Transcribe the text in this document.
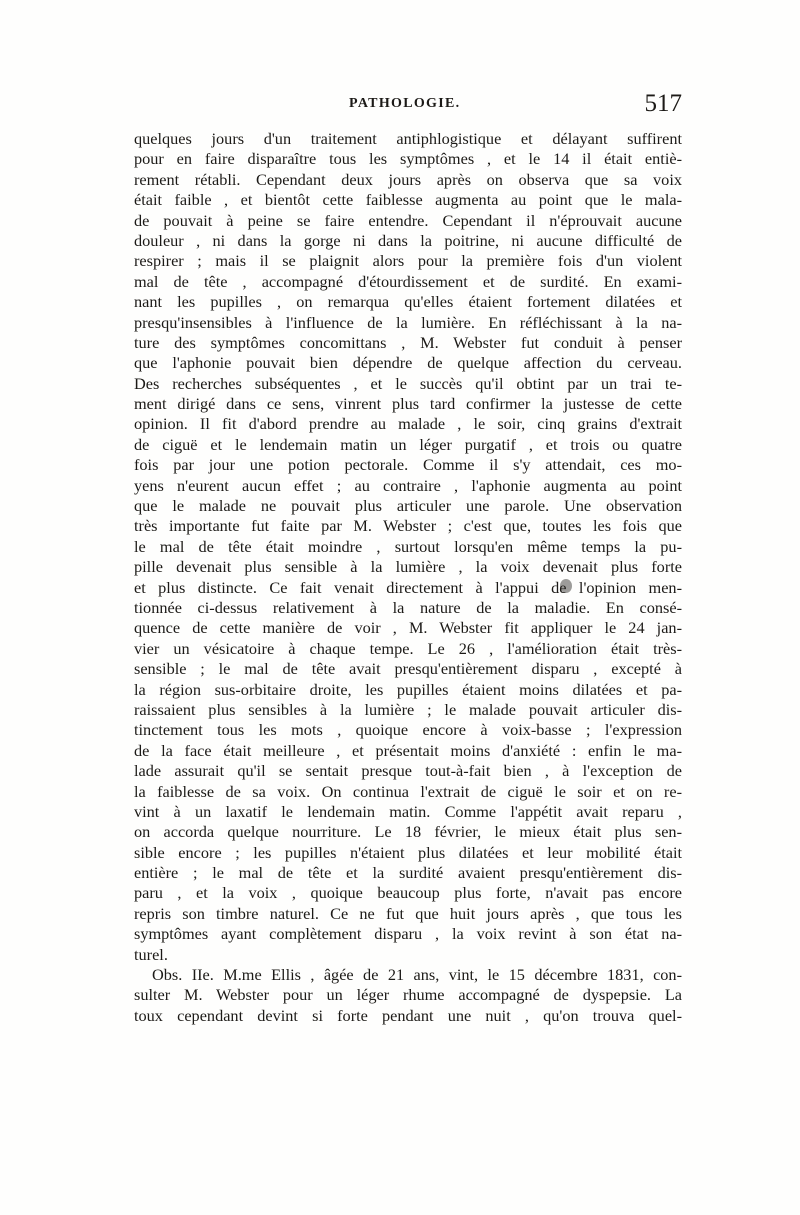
PATHOLOGIE.	517
quelques jours d'un traitement antiphlogistique et délayant suffirent
pour en faire disparaître tous les symptômes , et le 14 il était entiè-
rement rétabli. Cependant deux jours après on observa que sa voix
était faible , et bientôt cette faiblesse augmenta au point que le mala-
de pouvait à peine se faire entendre. Cependant il n'éprouvait aucune
douleur , ni dans la gorge ni dans la poitrine, ni aucune difficulté de
respirer ; mais il se plaignit alors pour la première fois d'un violent
mal de tête , accompagné d'étourdissement et de surdité. En exami-
nant les pupilles , on remarqua qu'elles étaient fortement dilatées et
presqu'insensibles à l'influence de la lumière. En réfléchissant à la na-
ture des symptômes concomittans , M. Webster fut conduit à penser
que l'aphonie pouvait bien dépendre de quelque affection du cerveau.
Des recherches subséquentes , et le succès qu'il obtint par un trai te-
ment dirigé dans ce sens, vinrent plus tard confirmer la justesse de cette
opinion. Il fit d'abord prendre au malade , le soir, cinq grains d'extrait
de ciguë et le lendemain matin un léger purgatif , et trois ou quatre
fois par jour une potion pectorale. Comme il s'y attendait, ces mo-
yens n'eurent aucun effet ; au contraire , l'aphonie augmenta au point
que le malade ne pouvait plus articuler une parole. Une observation
très importante fut faite par M. Webster ; c'est que, toutes les fois que
le mal de tête était moindre , surtout lorsqu'en même temps la pu-
pille devenait plus sensible à la lumière , la voix devenait plus forte
et plus distincte. Ce fait venait directement à l'appui de l'opinion men-
tionnée ci-dessus relativement à la nature de la maladie. En consé-
quence de cette manière de voir , M. Webster fit appliquer le 24 jan-
vier un vésicatoire à chaque tempe. Le 26 , l'amélioration était très-
sensible ; le mal de tête avait presqu'entièrement disparu , excepté à
la région sus-orbitaire droite, les pupilles étaient moins dilatées et pa-
raissaient plus sensibles à la lumière ; le malade pouvait articuler dis-
tinctement tous les mots , quoique encore à voix-basse ; l'expression
de la face était meilleure , et présentait moins d'anxiété : enfin le ma-
lade assurait qu'il se sentait presque tout-à-fait bien , à l'exception de
la faiblesse de sa voix. On continua l'extrait de ciguë le soir et on re-
vint à un laxatif le lendemain matin. Comme l'appétit avait reparu ,
on accorda quelque nourriture. Le 18 février, le mieux était plus sen-
sible encore ; les pupilles n'étaient plus dilatées et leur mobilité était
entière ; le mal de tête et la surdité avaient presqu'entièrement dis-
paru , et la voix , quoique beaucoup plus forte, n'avait pas encore
repris son timbre naturel. Ce ne fut que huit jours après , que tous les
symptômes ayant complètement disparu , la voix revint à son état na-
turel.
Obs. IIe. M.me Ellis , âgée de 21 ans, vint, le 15 décembre 1831, con-
sulter M. Webster pour un léger rhume accompagné de dyspepsie. La
toux cependant devint si forte pendant une nuit , qu'on trouva quel-
